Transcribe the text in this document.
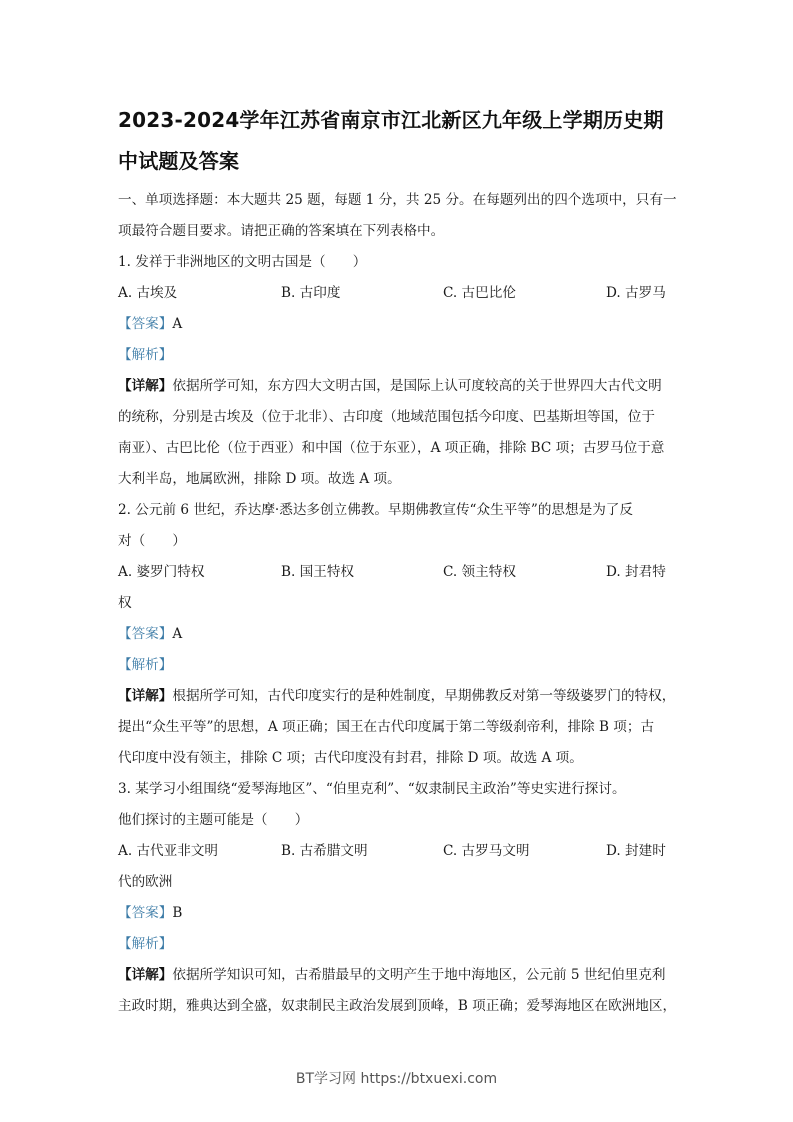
2023-2024学年江苏省南京市江北新区九年级上学期历史期
中试题及答案
一、单项选择题：本大题共 25 题，每题 1 分，共 25 分。在每题列出的四个选项中，只有一
项最符合题目要求。请把正确的答案填在下列表格中。
1. 发祥于非洲地区的文明古国是（　　）
A. 古埃及	B. 古印度	C. 古巴比伦	D. 古罗马
【答案】A
【解析】
【详解】依据所学可知，东方四大文明古国，是国际上认可度较高的关于世界四大古代文明
的统称，分别是古埃及（位于北非）、古印度（地域范围包括今印度、巴基斯坦等国，位于
南亚）、古巴比伦（位于西亚）和中国（位于东亚），A 项正确，排除 BC 项；古罗马位于意
大利半岛，地属欧洲，排除 D 项。故选 A 项。
2. 公元前 6 世纪，乔达摩·悉达多创立佛教。早期佛教宣传“众生平等”的思想是为了反
对（　　）
A. 婆罗门特权	B. 国王特权	C. 领主特权	D. 封君特
权
【答案】A
【解析】
【详解】根据所学可知，古代印度实行的是种姓制度，早期佛教反对第一等级婆罗门的特权，
提出“众生平等”的思想，A 项正确；国王在古代印度属于第二等级刹帝利，排除 B 项；古
代印度中没有领主，排除 C 项；古代印度没有封君，排除 D 项。故选 A 项。
3. 某学习小组围绕“爱琴海地区”、“伯里克利”、“奴隶制民主政治”等史实进行探讨。
他们探讨的主题可能是（　　）
A. 古代亚非文明	B. 古希腊文明	C. 古罗马文明	D. 封建时
代的欧洲
【答案】B
【解析】
【详解】依据所学知识可知，古希腊最早的文明产生于地中海地区，公元前 5 世纪伯里克利
主政时期，雅典达到全盛，奴隶制民主政治发展到顶峰，B 项正确；爱琴海地区在欧洲地区，
BT学习网 https://btxuexi.com
